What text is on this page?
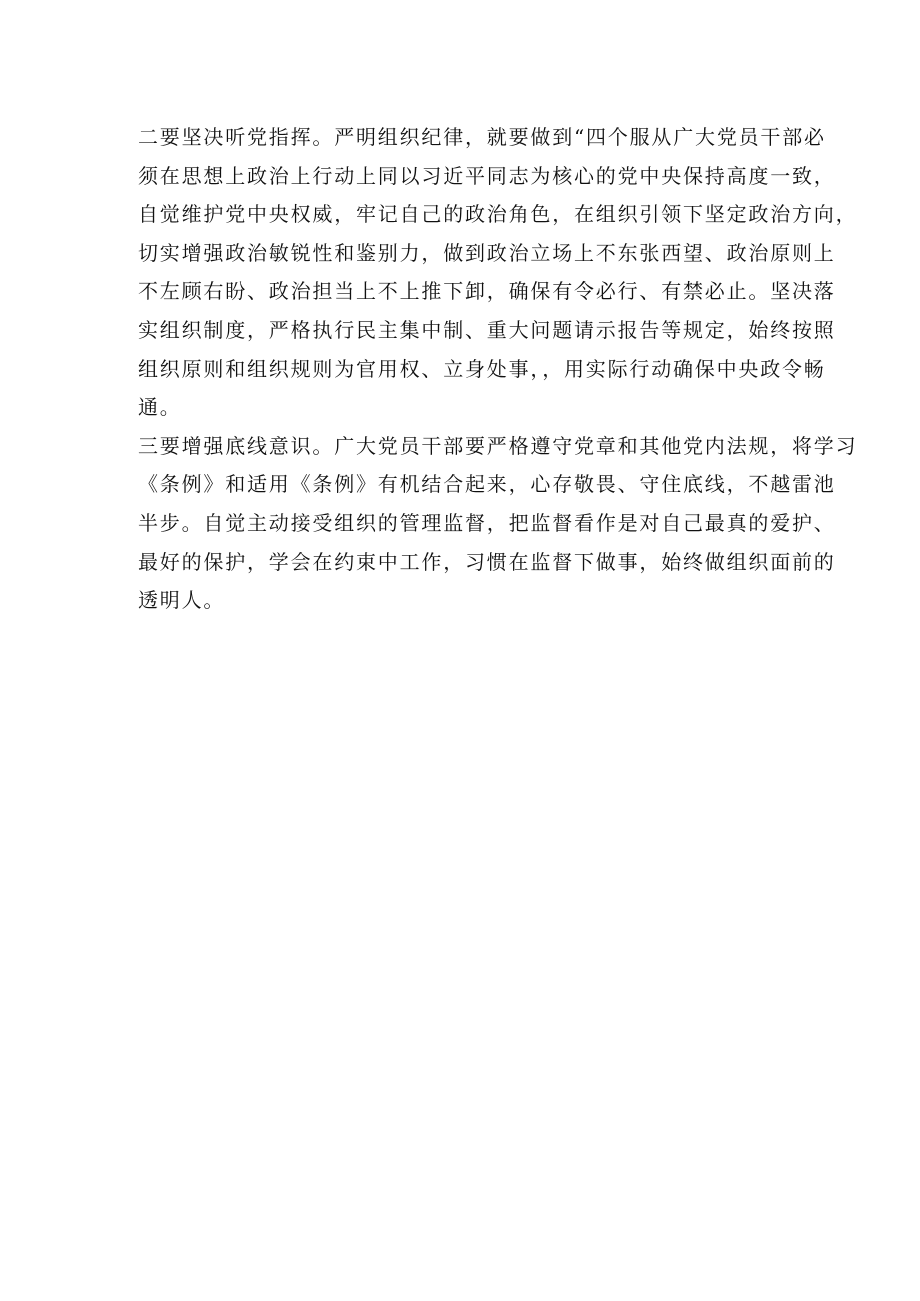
二要坚决听党指挥。严明组织纪律，就要做到“四个服从广大党员干部必
须在思想上政治上行动上同以习近平同志为核心的党中央保持高度一致，
自觉维护党中央权威，牢记自己的政治角色，在组织引领下坚定政治方向，
切实增强政治敏锐性和鉴别力，做到政治立场上不东张西望、政治原则上
不左顾右盼、政治担当上不上推下卸，确保有令必行、有禁必止。坚决落
实组织制度，严格执行民主集中制、重大问题请示报告等规定，始终按照
组织原则和组织规则为官用权、立身处事，，用实际行动确保中央政令畅
通。
三要增强底线意识。广大党员干部要严格遵守党章和其他党内法规，将学习
《条例》和适用《条例》有机结合起来，心存敬畏、守住底线，不越雷池
半步。自觉主动接受组织的管理监督，把监督看作是对自己最真的爱护、
最好的保护，学会在约束中工作，习惯在监督下做事，始终做组织面前的
透明人。
